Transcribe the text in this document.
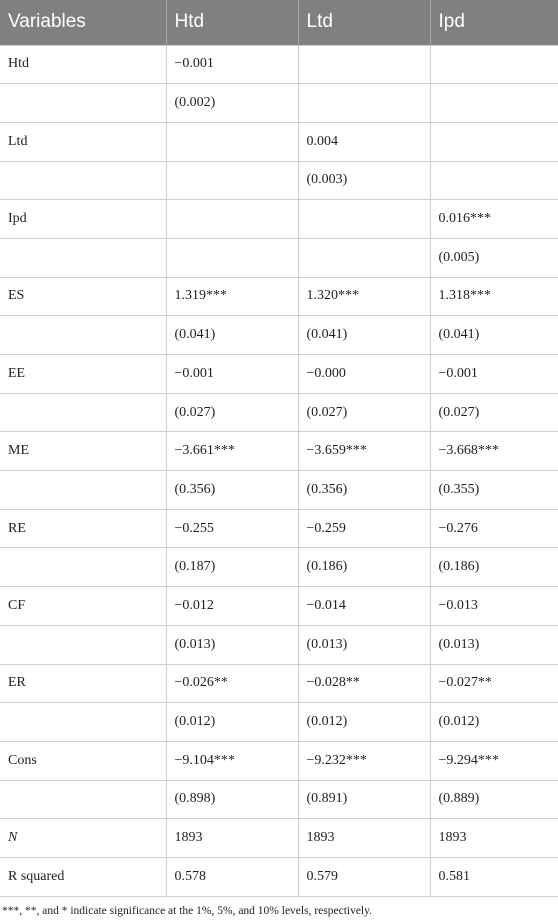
Variables	Htd	Ltd	Ipd
Htd	−0.001		
	(0.002)		
Ltd		0.004	
		(0.003)	
Ipd			0.016***
			(0.005)
ES	1.319***	1.320***	1.318***
	(0.041)	(0.041)	(0.041)
EE	−0.001	−0.000	−0.001
	(0.027)	(0.027)	(0.027)
ME	−3.661***	−3.659***	−3.668***
	(0.356)	(0.356)	(0.355)
RE	−0.255	−0.259	−0.276
	(0.187)	(0.186)	(0.186)
CF	−0.012	−0.014	−0.013
	(0.013)	(0.013)	(0.013)
ER	−0.026**	−0.028**	−0.027**
	(0.012)	(0.012)	(0.012)
Cons	−9.104***	−9.232***	−9.294***
	(0.898)	(0.891)	(0.889)
N	1893	1893	1893
R squared	0.578	0.579	0.581
***, **, and * indicate significance at the 1%, 5%, and 10% levels, respectively.
